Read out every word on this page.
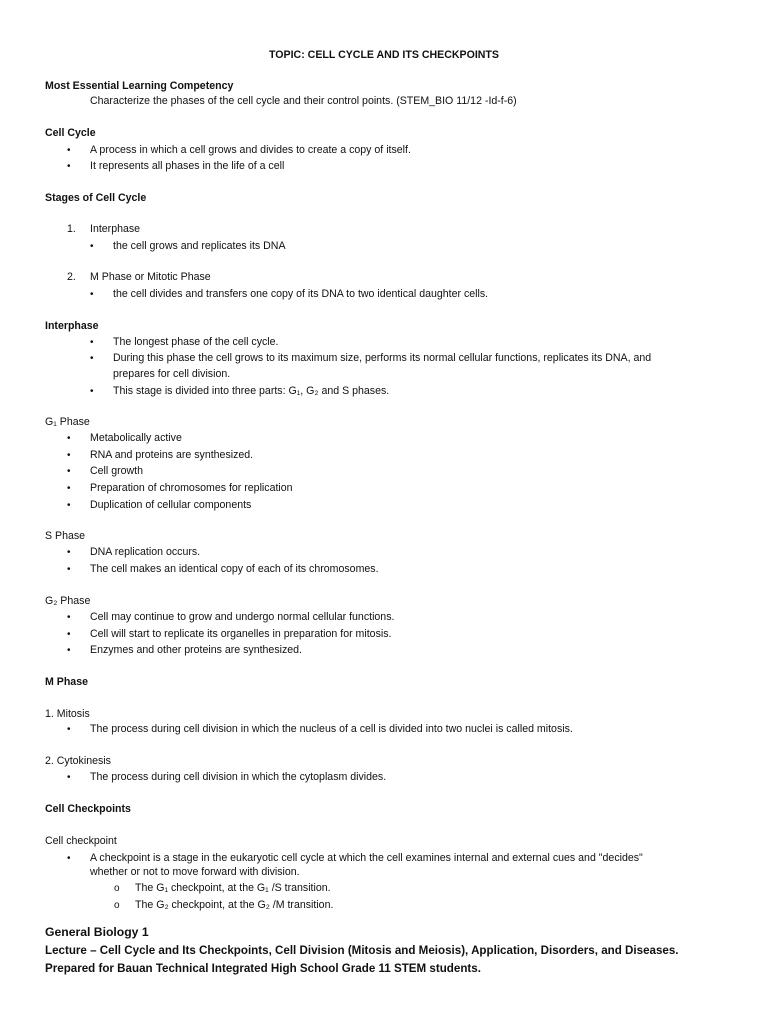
TOPIC: CELL CYCLE AND ITS CHECKPOINTS
Most Essential Learning Competency
Characterize the phases of the cell cycle and their control points. (STEM_BIO 11/12 -Id-f-6)
Cell Cycle
• A process in which a cell grows and divides to create a copy of itself.
• It represents all phases in the life of a cell
Stages of Cell Cycle
1. Interphase
• the cell grows and replicates its DNA
2. M Phase or Mitotic Phase
• the cell divides and transfers one copy of its DNA to two identical daughter cells.
Interphase
• The longest phase of the cell cycle.
• During this phase the cell grows to its maximum size, performs its normal cellular functions, replicates its DNA, and
prepares for cell division.
• This stage is divided into three parts: G₁, G₂ and S phases.
G₁ Phase
• Metabolically active
• RNA and proteins are synthesized.
• Cell growth
• Preparation of chromosomes for replication
• Duplication of cellular components
S Phase
• DNA replication occurs.
• The cell makes an identical copy of each of its chromosomes.
G₂ Phase
• Cell may continue to grow and undergo normal cellular functions.
• Cell will start to replicate its organelles in preparation for mitosis.
• Enzymes and other proteins are synthesized.
M Phase
1. Mitosis
• The process during cell division in which the nucleus of a cell is divided into two nuclei is called mitosis.
2. Cytokinesis
• The process during cell division in which the cytoplasm divides.
Cell Checkpoints
Cell checkpoint
• A checkpoint is a stage in the eukaryotic cell cycle at which the cell examines internal and external cues and "decides"
whether or not to move forward with division.
o The G₁ checkpoint, at the G₁ /S transition.
o The G₂ checkpoint, at the G₂ /M transition.
General Biology 1
Lecture – Cell Cycle and Its Checkpoints, Cell Division (Mitosis and Meiosis), Application, Disorders, and Diseases.
Prepared for Bauan Technical Integrated High School Grade 11 STEM students.
